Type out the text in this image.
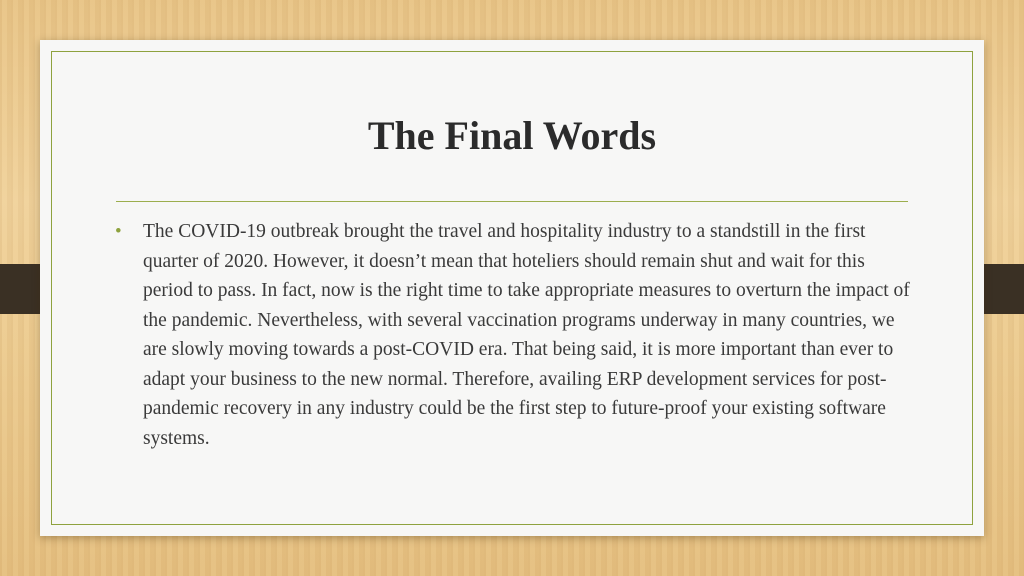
The Final Words
• The COVID-19 outbreak brought the travel and hospitality industry to a standstill in the first quarter of 2020. However, it doesn’t mean that hoteliers should remain shut and wait for this period to pass. In fact, now is the right time to take appropriate measures to overturn the impact of the pandemic. Nevertheless, with several vaccination programs underway in many countries, we are slowly moving towards a post-COVID era. That being said, it is more important than ever to adapt your business to the new normal. Therefore, availing ERP development services for post-pandemic recovery in any industry could be the first step to future-proof your existing software systems.
